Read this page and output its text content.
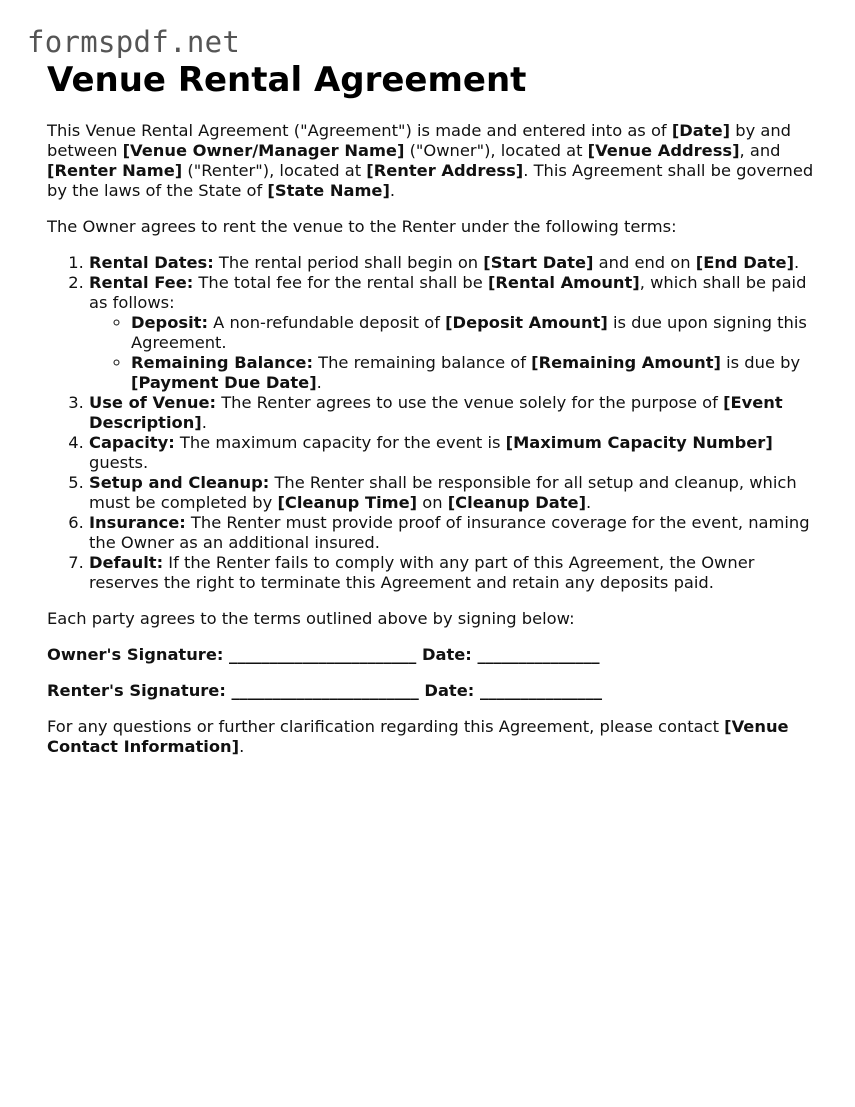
formspdf.net
Venue Rental Agreement

This Venue Rental Agreement ("Agreement") is made and entered into as of [Date] by and between [Venue Owner/Manager Name] ("Owner"), located at [Venue Address], and [Renter Name] ("Renter"), located at [Renter Address]. This Agreement shall be governed by the laws of the State of [State Name].

The Owner agrees to rent the venue to the Renter under the following terms:

1. Rental Dates: The rental period shall begin on [Start Date] and end on [End Date].
2. Rental Fee: The total fee for the rental shall be [Rental Amount], which shall be paid as follows:
◦ Deposit: A non-refundable deposit of [Deposit Amount] is due upon signing this Agreement.
◦ Remaining Balance: The remaining balance of [Remaining Amount] is due by [Payment Due Date].
3. Use of Venue: The Renter agrees to use the venue solely for the purpose of [Event Description].
4. Capacity: The maximum capacity for the event is [Maximum Capacity Number] guests.
5. Setup and Cleanup: The Renter shall be responsible for all setup and cleanup, which must be completed by [Cleanup Time] on [Cleanup Date].
6. Insurance: The Renter must provide proof of insurance coverage for the event, naming the Owner as an additional insured.
7. Default: If the Renter fails to comply with any part of this Agreement, the Owner reserves the right to terminate this Agreement and retain any deposits paid.

Each party agrees to the terms outlined above by signing below:

Owner's Signature: _______________________ Date: _______________

Renter's Signature: _______________________ Date: _______________

For any questions or further clarification regarding this Agreement, please contact [Venue Contact Information].
